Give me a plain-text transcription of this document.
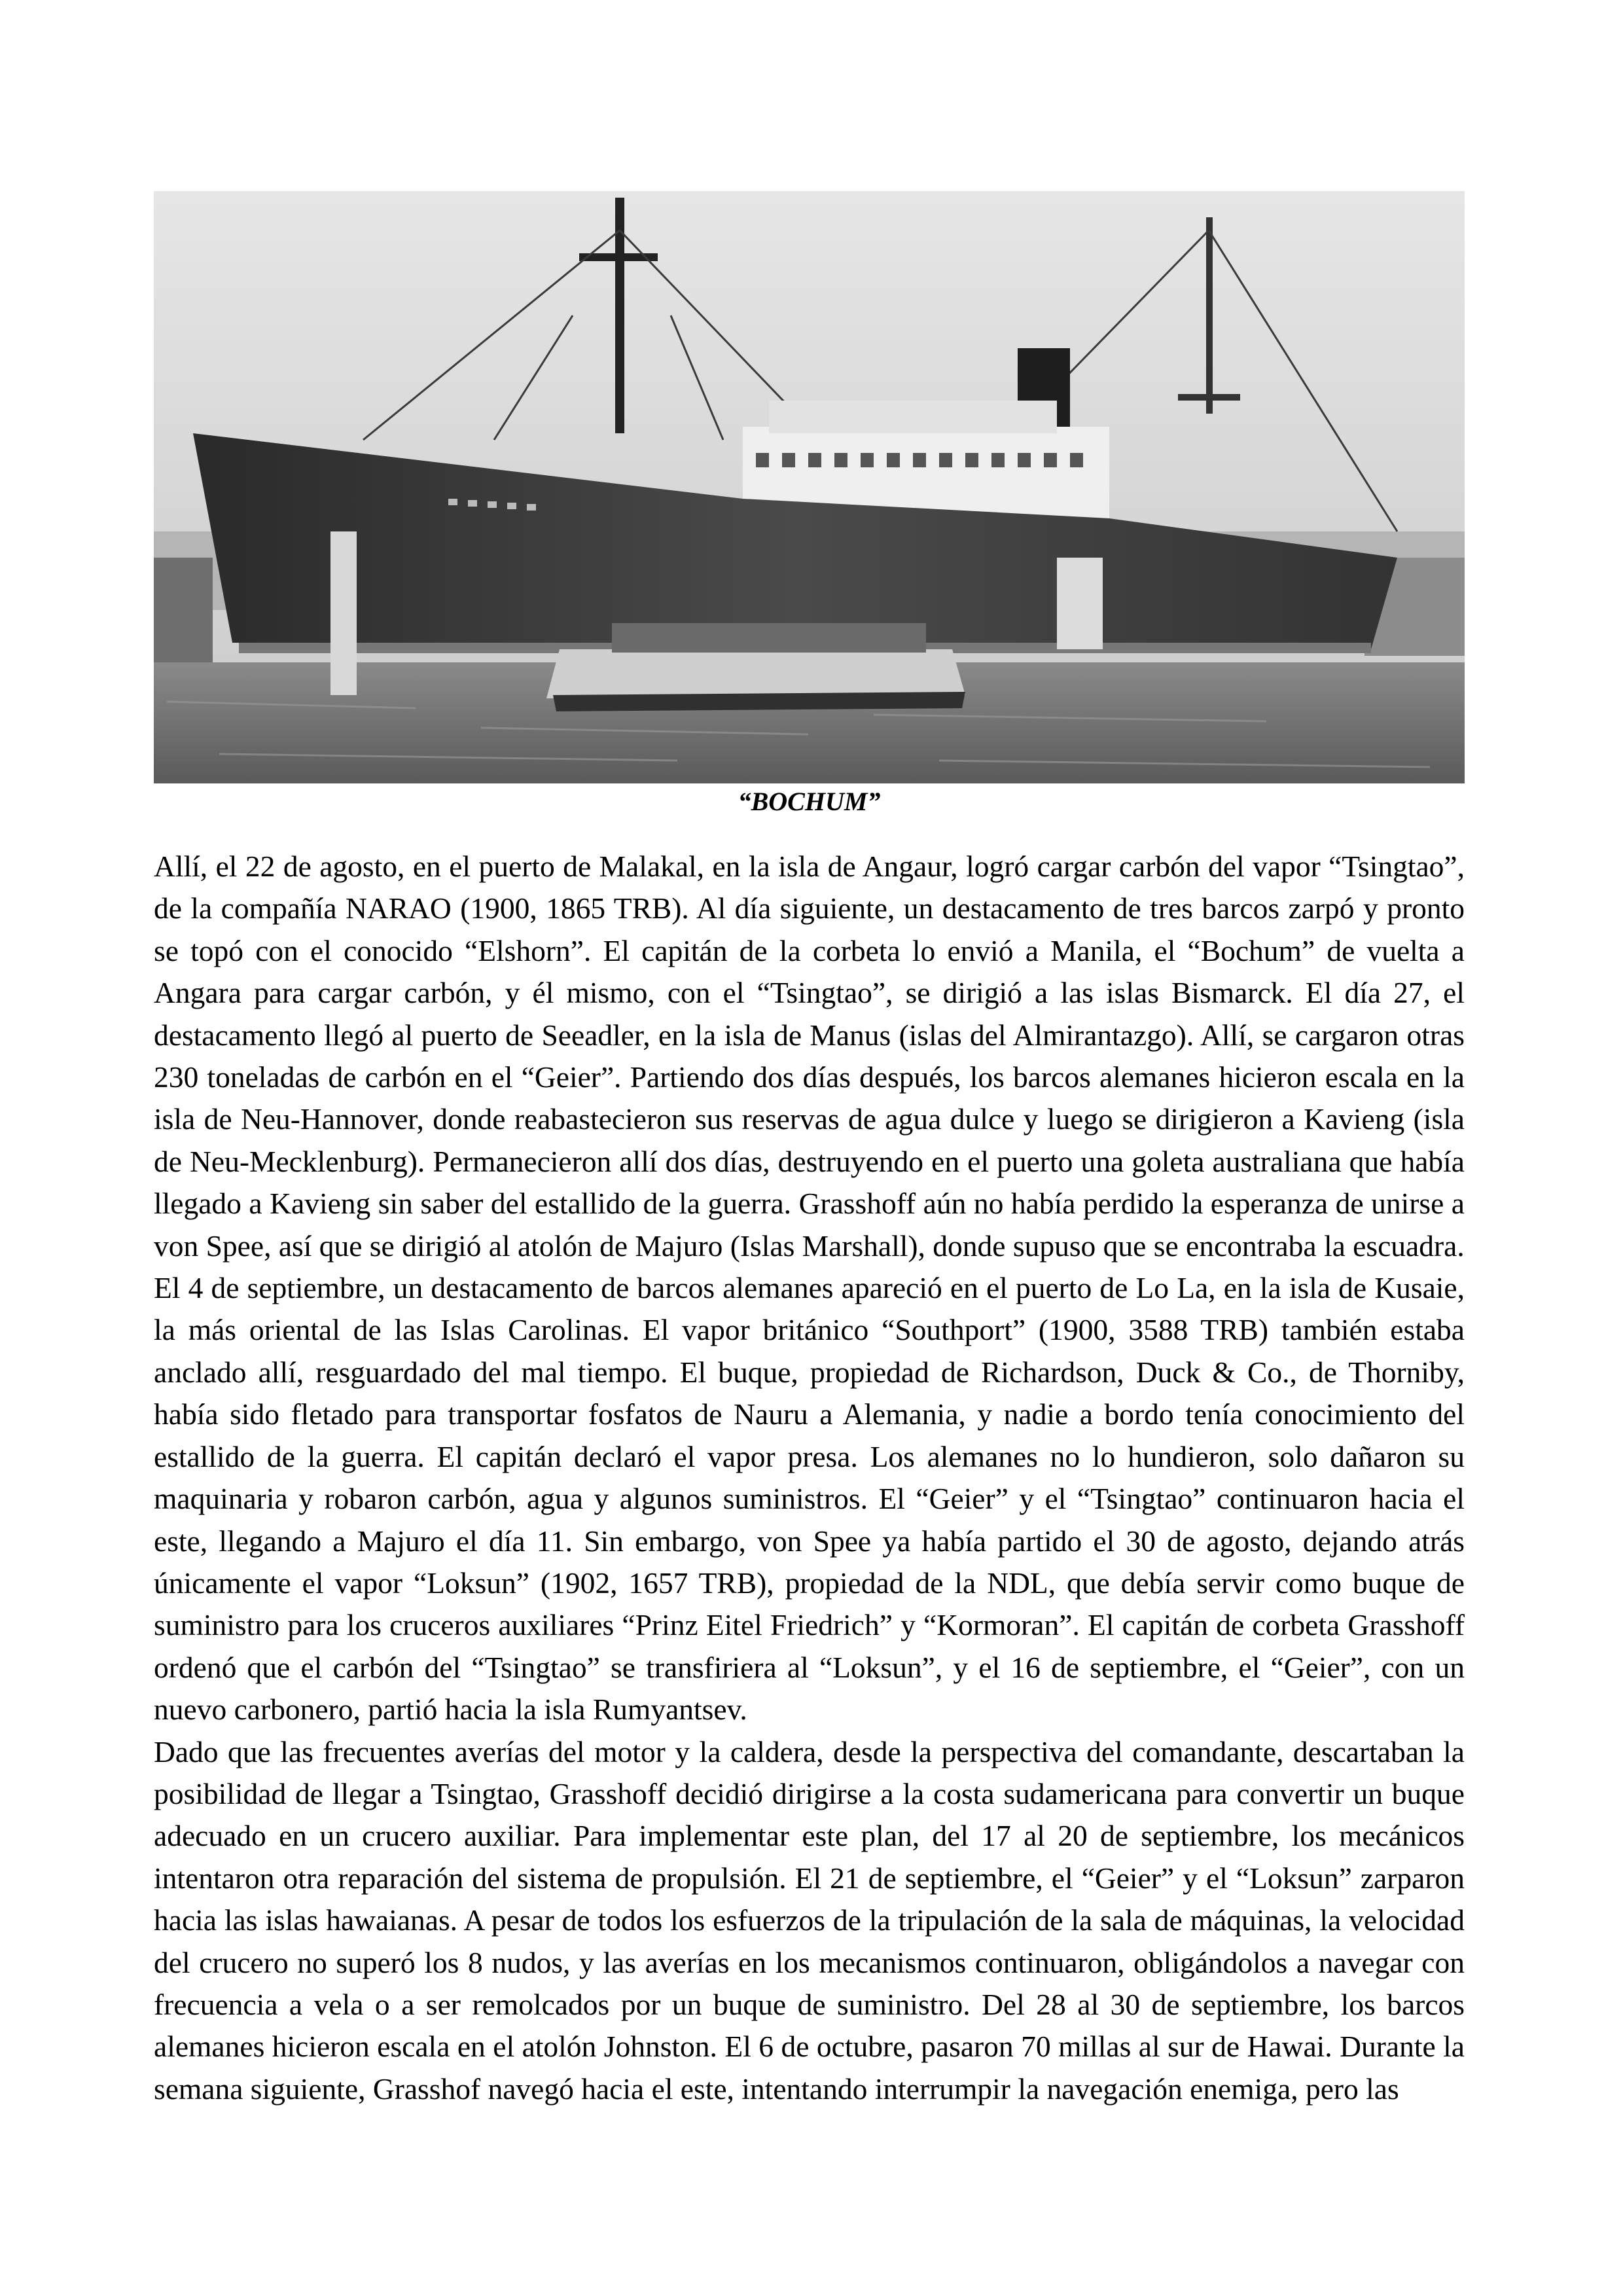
“BOCHUM”

Allí, el 22 de agosto, en el puerto de Malakal, en la isla de Angaur, logró cargar carbón del vapor “Tsingtao”, de la compañía NARAO (1900, 1865 TRB). Al día siguiente, un destacamento de tres barcos zarpó y pronto se topó con el conocido “Elshorn”. El capitán de la corbeta lo envió a Manila, el “Bochum” de vuelta a Angara para cargar carbón, y él mismo, con el “Tsingtao”, se dirigió a las islas Bismarck. El día 27, el destacamento llegó al puerto de Seeadler, en la isla de Manus (islas del Almirantazgo). Allí, se cargaron otras 230 toneladas de carbón en el “Geier”. Partiendo dos días después, los barcos alemanes hicieron escala en la isla de Neu-Hannover, donde reabastecieron sus reservas de agua dulce y luego se dirigieron a Kavieng (isla de Neu-Mecklenburg). Permanecieron allí dos días, destruyendo en el puerto una goleta australiana que había llegado a Kavieng sin saber del estallido de la guerra. Grasshoff aún no había perdido la esperanza de unirse a von Spee, así que se dirigió al atolón de Majuro (Islas Marshall), donde supuso que se encontraba la escuadra.

El 4 de septiembre, un destacamento de barcos alemanes apareció en el puerto de Lo La, en la isla de Kusaie, la más oriental de las Islas Carolinas. El vapor británico “Southport” (1900, 3588 TRB) también estaba anclado allí, resguardado del mal tiempo. El buque, propiedad de Richardson, Duck & Co., de Thorniby, había sido fletado para transportar fosfatos de Nauru a Alemania, y nadie a bordo tenía conocimiento del estallido de la guerra. El capitán declaró el vapor presa. Los alemanes no lo hundieron, solo dañaron su maquinaria y robaron carbón, agua y algunos suministros. El “Geier” y el “Tsingtao” continuaron hacia el este, llegando a Majuro el día 11. Sin embargo, von Spee ya había partido el 30 de agosto, dejando atrás únicamente el vapor “Loksun” (1902, 1657 TRB), propiedad de la NDL, que debía servir como buque de suministro para los cruceros auxiliares “Prinz Eitel Friedrich” y “Kormoran”. El capitán de corbeta Grasshoff ordenó que el carbón del “Tsingtao” se transfiriera al “Loksun”, y el 16 de septiembre, el “Geier”, con un nuevo carbonero, partió hacia la isla Rumyantsev.

Dado que las frecuentes averías del motor y la caldera, desde la perspectiva del comandante, descartaban la posibilidad de llegar a Tsingtao, Grasshoff decidió dirigirse a la costa sudamericana para convertir un buque adecuado en un crucero auxiliar. Para implementar este plan, del 17 al 20 de septiembre, los mecánicos intentaron otra reparación del sistema de propulsión. El 21 de septiembre, el “Geier” y el “Loksun” zarparon hacia las islas hawaianas. A pesar de todos los esfuerzos de la tripulación de la sala de máquinas, la velocidad del crucero no superó los 8 nudos, y las averías en los mecanismos continuaron, obligándolos a navegar con frecuencia a vela o a ser remolcados por un buque de suministro. Del 28 al 30 de septiembre, los barcos alemanes hicieron escala en el atolón Johnston. El 6 de octubre, pasaron 70 millas al sur de Hawai. Durante la semana siguiente, Grasshof navegó hacia el este, intentando interrumpir la navegación enemiga, pero las
